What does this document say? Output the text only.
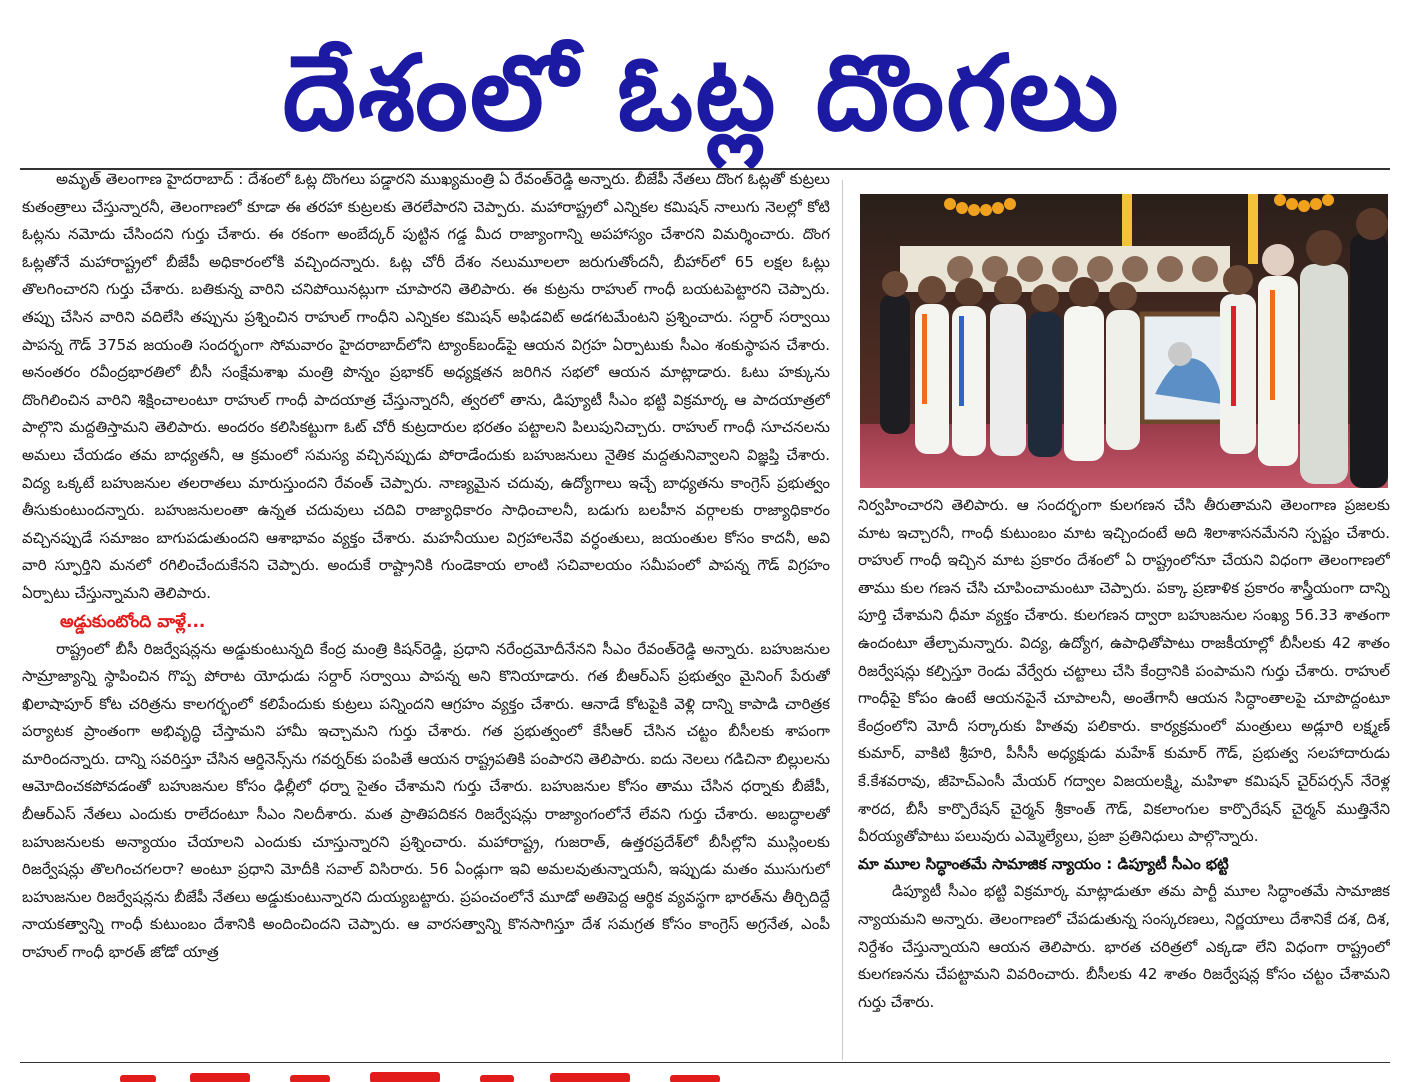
దేశంలో ఓట్ల దొంగలు

అమృత్ తెలంగాణ హైదరాబాద్ : దేశంలో ఓట్ల దొంగలు పడ్డారని ముఖ్యమంత్రి ఏ రేవంత్‌రెడ్డి అన్నారు. బీజేపీ నేతలు దొంగ ఓట్లతో కుట్రలు కుతంత్రాలు చేస్తున్నారనీ, తెలంగాణలో కూడా ఈ తరహా కుట్రలకు తెరలేపారని చెప్పారు. మహారాష్ట్రలో ఎన్నికల కమిషన్ నాలుగు నెలల్లో కోటి ఓట్లను నమోదు చేసిందని గుర్తు చేశారు. ఈ రకంగా అంబేద్కర్ పుట్టిన గడ్డ మీద రాజ్యాంగాన్ని అపహాస్యం చేశారని విమర్శించారు. దొంగ ఓట్లతోనే మహారాష్ట్రలో బీజేపీ అధికారంలోకి వచ్చిందన్నారు. ఓట్ల చోరీ దేశం నలుమూలలా జరుగుతోందనీ, బీహార్‌లో 65 లక్షల ఓట్లు తొలగించారని గుర్తు చేశారు. బతికున్న వారిని చనిపోయినట్లుగా చూపారని తెలిపారు. ఈ కుట్రను రాహుల్ గాంధీ బయటపెట్టారని చెప్పారు. తప్పు చేసిన వారిని వదిలేసి తప్పును ప్రశ్నించిన రాహుల్ గాంధీని ఎన్నికల కమిషన్ అఫిడవిట్ అడగటమేంటని ప్రశ్నించారు. సర్దార్ సర్వాయి పాపన్న గౌడ్ 375వ జయంతి సందర్భంగా సోమవారం హైదరాబాద్‌లోని ట్యాంక్‌బండ్‌పై ఆయన విగ్రహ ఏర్పాటుకు సీఎం శంకుస్థాపన చేశారు. అనంతరం రవీంద్రభారతిలో బీసీ సంక్షేమశాఖ మంత్రి పొన్నం ప్రభాకర్ అధ్యక్షతన జరిగిన సభలో ఆయన మాట్లాడారు. ఓటు హక్కును దొంగిలించిన వారిని శిక్షించాలంటూ రాహుల్ గాంధీ పాదయాత్ర చేస్తున్నారనీ, త్వరలో తాను, డిప్యూటీ సీఎం భట్టి విక్రమార్క ఆ పాదయాత్రలో పాల్గొని మద్దతిస్తామని తెలిపారు. అందరం కలిసికట్టుగా ఓట్ చోరీ కుట్రదారుల భరతం పట్టాలని పిలుపునిచ్చారు. రాహుల్ గాంధీ సూచనలను అమలు చేయడం తమ బాధ్యతనీ, ఆ క్రమంలో సమస్య వచ్చినప్పుడు పోరాడేందుకు బహుజనులు నైతిక మద్దతునివ్వాలని విజ్ఞప్తి చేశారు. విద్య ఒక్కటే బహుజనుల తలరాతలు మారుస్తుందని రేవంత్ చెప్పారు. నాణ్యమైన చదువు, ఉద్యోగాలు ఇచ్చే బాధ్యతను కాంగ్రెస్ ప్రభుత్వం తీసుకుంటుందన్నారు. బహుజనులంతా ఉన్నత చదువులు చదివి రాజ్యాధికారం సాధించాలనీ, బడుగు బలహీన వర్గాలకు రాజ్యాధికారం వచ్చినప్పుడే సమాజం బాగుపడుతుందని ఆశాభావం వ్యక్తం చేశారు. మహనీయుల విగ్రహాలనేవి వర్ధంతులు, జయంతుల కోసం కాదనీ, అవి వారి స్ఫూర్తిని మనలో రగిలించేందుకేనని చెప్పారు. అందుకే రాష్ట్రానికి గుండెకాయ లాంటి సచివాలయం సమీపంలో పాపన్న గౌడ్ విగ్రహం ఏర్పాటు చేస్తున్నామని తెలిపారు.

అడ్డుకుంటోంది వాళ్లే...

రాష్ట్రంలో బీసీ రిజర్వేషన్లను అడ్డుకుంటున్నది కేంద్ర మంత్రి కిషన్‌రెడ్డి, ప్రధాని నరేంద్రమోదీనేనని సీఎం రేవంత్‌రెడ్డి అన్నారు. బహుజనుల సామ్రాజ్యాన్ని స్థాపించిన గొప్ప పోరాట యోధుడు సర్దార్ సర్వాయి పాపన్న అని కొనియాడారు. గత బీఆర్ఎస్ ప్రభుత్వం మైనింగ్ పేరుతో ఖిలాషాపూర్ కోట చరిత్రను కాలగర్భంలో కలిపేందుకు కుట్రలు పన్నిందని ఆగ్రహం వ్యక్తం చేశారు. ఆనాడే కోటపైకి వెళ్లి దాన్ని కాపాడి చారిత్రక పర్యాటక ప్రాంతంగా అభివృద్ధి చేస్తామని హామీ ఇచ్చామని గుర్తు చేశారు. గత ప్రభుత్వంలో కేసీఆర్ చేసిన చట్టం బీసీలకు శాపంగా మారిందన్నారు. దాన్ని సవరిస్తూ చేసిన ఆర్డినెన్స్‌ను గవర్నర్‌కు పంపితే ఆయన రాష్ట్రపతికి పంపారని తెలిపారు. ఐదు నెలలు గడిచినా బిల్లులను ఆమోదించకపోవడంతో బహుజనుల కోసం ఢిల్లీలో ధర్నా సైతం చేశామని గుర్తు చేశారు. బహుజనుల కోసం తాము చేసిన ధర్నాకు బీజేపీ, బీఆర్ఎస్ నేతలు ఎందుకు రాలేదంటూ సీఎం నిలదీశారు. మత ప్రాతిపదికన రిజర్వేషన్లు రాజ్యాంగంలోనే లేవని గుర్తు చేశారు. అబద్ధాలతో బహుజనులకు అన్యాయం చేయాలని ఎందుకు చూస్తున్నారని ప్రశ్నించారు. మహారాష్ట్ర, గుజరాత్, ఉత్తరప్రదేశ్‌లో బీసీల్లోని ముస్లింలకు రిజర్వేషన్లు తొలగించగలరా? అంటూ ప్రధాని మోదీకి సవాల్ విసిరారు. 56 ఏండ్లుగా ఇవి అమలవుతున్నాయనీ, ఇప్పుడు మతం ముసుగులో బహుజనుల రిజర్వేషన్లను బీజేపీ నేతలు అడ్డుకుంటున్నారని దుయ్యబట్టారు. ప్రపంచంలోనే మూడో అతిపెద్ద ఆర్థిక వ్యవస్థగా భారత్‌ను తీర్చిదిద్దే నాయకత్వాన్ని గాంధీ కుటుంబం దేశానికి అందించిందని చెప్పారు. ఆ వారసత్వాన్ని కొనసాగిస్తూ దేశ సమగ్రత కోసం కాంగ్రెస్ అగ్రనేత, ఎంపీ రాహుల్ గాంధీ భారత్ జోడో యాత్ర

నిర్వహించారని తెలిపారు. ఆ సందర్భంగా కులగణన చేసి తీరుతామని తెలంగాణ ప్రజలకు మాట ఇచ్చారనీ, గాంధీ కుటుంబం మాట ఇచ్చిందంటే అది శిలాశాసనమేనని స్పష్టం చేశారు. రాహుల్ గాంధీ ఇచ్చిన మాట ప్రకారం దేశంలో ఏ రాష్ట్రంలోనూ చేయని విధంగా తెలంగాణలో తాము కుల గణన చేసి చూపించామంటూ చెప్పారు. పక్కా ప్రణాళిక ప్రకారం శాస్త్రీయంగా దాన్ని పూర్తి చేశామని ధీమా వ్యక్తం చేశారు. కులగణన ద్వారా బహుజనుల సంఖ్య 56.33 శాతంగా ఉందంటూ తేల్చామన్నారు. విద్య, ఉద్యోగ, ఉపాధితోపాటు రాజకీయాల్లో బీసీలకు 42 శాతం రిజర్వేషన్లు కల్పిస్తూ రెండు వేర్వేరు చట్టాలు చేసి కేంద్రానికి పంపామని గుర్తు చేశారు. రాహుల్ గాంధీపై కోపం ఉంటే ఆయనపైనే చూపాలనీ, అంతేగానీ ఆయన సిద్ధాంతాలపై చూపొద్దంటూ కేంద్రంలోని మోదీ సర్కారుకు హితవు పలికారు. కార్యక్రమంలో మంత్రులు అడ్లూరి లక్ష్మణ్ కుమార్, వాకిటి శ్రీహరి, పీసీసీ అధ్యక్షుడు మహేశ్ కుమార్ గౌడ్, ప్రభుత్వ సలహాదారుడు కే.కేశవరావు, జీహెచ్ఎంసీ మేయర్ గద్వాల విజయలక్ష్మి, మహిళా కమిషన్ చైర్‌పర్సన్ నేరెళ్ల శారద, బీసీ కార్పొరేషన్ చైర్మన్ శ్రీకాంత్ గౌడ్, వికలాంగుల కార్పొరేషన్ చైర్మన్ ముత్తినేని వీరయ్యతోపాటు పలువురు ఎమ్మెల్యేలు, ప్రజా ప్రతినిధులు పాల్గొన్నారు.

మా మూల సిద్ధాంతమే సామాజిక న్యాయం : డిప్యూటీ సీఎం భట్టి

డిప్యూటీ సీఎం భట్టి విక్రమార్క మాట్లాడుతూ తమ పార్టీ మూల సిద్ధాంతమే సామాజిక న్యాయమని అన్నారు. తెలంగాణలో చేపడుతున్న సంస్కరణలు, నిర్ణయాలు దేశానికే దశ, దిశ, నిర్దేశం చేస్తున్నాయని ఆయన తెలిపారు. భారత చరిత్రలో ఎక్కడా లేని విధంగా రాష్ట్రంలో కులగణనను చేపట్టామని వివరించారు. బీసీలకు 42 శాతం రిజర్వేషన్ల కోసం చట్టం చేశామని గుర్తు చేశారు.
